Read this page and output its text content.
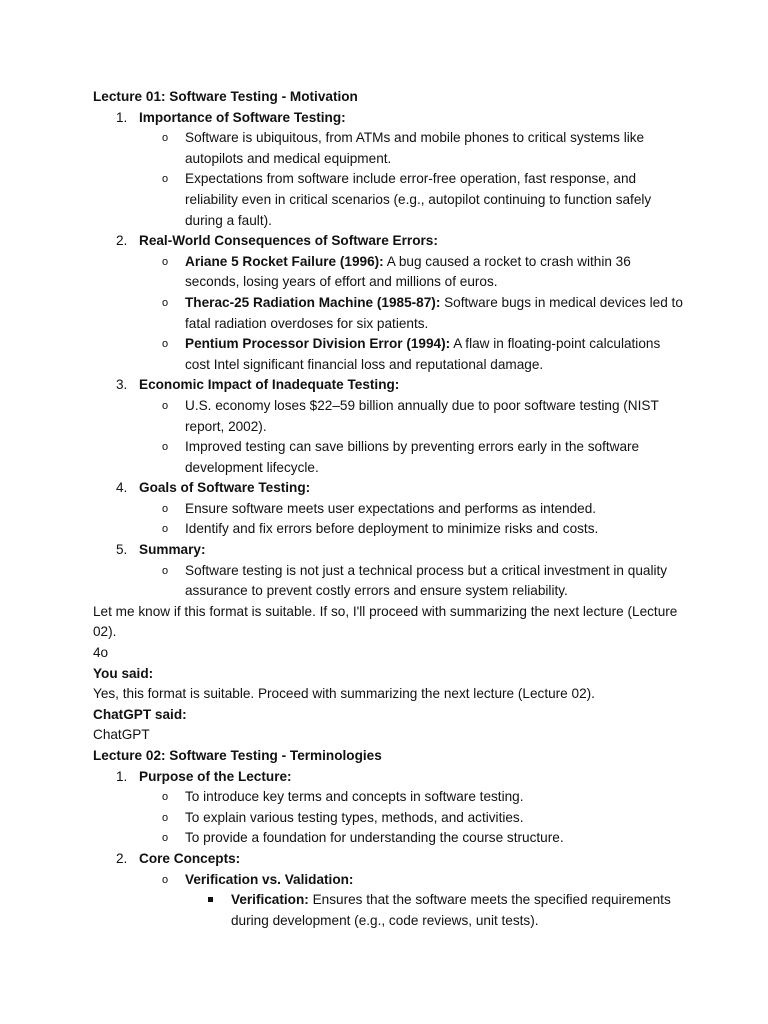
Lecture 01: Software Testing - Motivation

1. Importance of Software Testing:
o Software is ubiquitous, from ATMs and mobile phones to critical systems like autopilots and medical equipment.
o Expectations from software include error-free operation, fast response, and reliability even in critical scenarios (e.g., autopilot continuing to function safely during a fault).
2. Real-World Consequences of Software Errors:
o Ariane 5 Rocket Failure (1996): A bug caused a rocket to crash within 36 seconds, losing years of effort and millions of euros.
o Therac-25 Radiation Machine (1985-87): Software bugs in medical devices led to fatal radiation overdoses for six patients.
o Pentium Processor Division Error (1994): A flaw in floating-point calculations cost Intel significant financial loss and reputational damage.
3. Economic Impact of Inadequate Testing:
o U.S. economy loses $22–59 billion annually due to poor software testing (NIST report, 2002).
o Improved testing can save billions by preventing errors early in the software development lifecycle.
4. Goals of Software Testing:
o Ensure software meets user expectations and performs as intended.
o Identify and fix errors before deployment to minimize risks and costs.
5. Summary:
o Software testing is not just a technical process but a critical investment in quality assurance to prevent costly errors and ensure system reliability.

Let me know if this format is suitable. If so, I'll proceed with summarizing the next lecture (Lecture 02).

4o

You said:

Yes, this format is suitable. Proceed with summarizing the next lecture (Lecture 02).

ChatGPT said:

ChatGPT

Lecture 02: Software Testing - Terminologies

1. Purpose of the Lecture:
o To introduce key terms and concepts in software testing.
o To explain various testing types, methods, and activities.
o To provide a foundation for understanding the course structure.
2. Core Concepts:
o Verification vs. Validation:
Verification: Ensures that the software meets the specified requirements during development (e.g., code reviews, unit tests).
